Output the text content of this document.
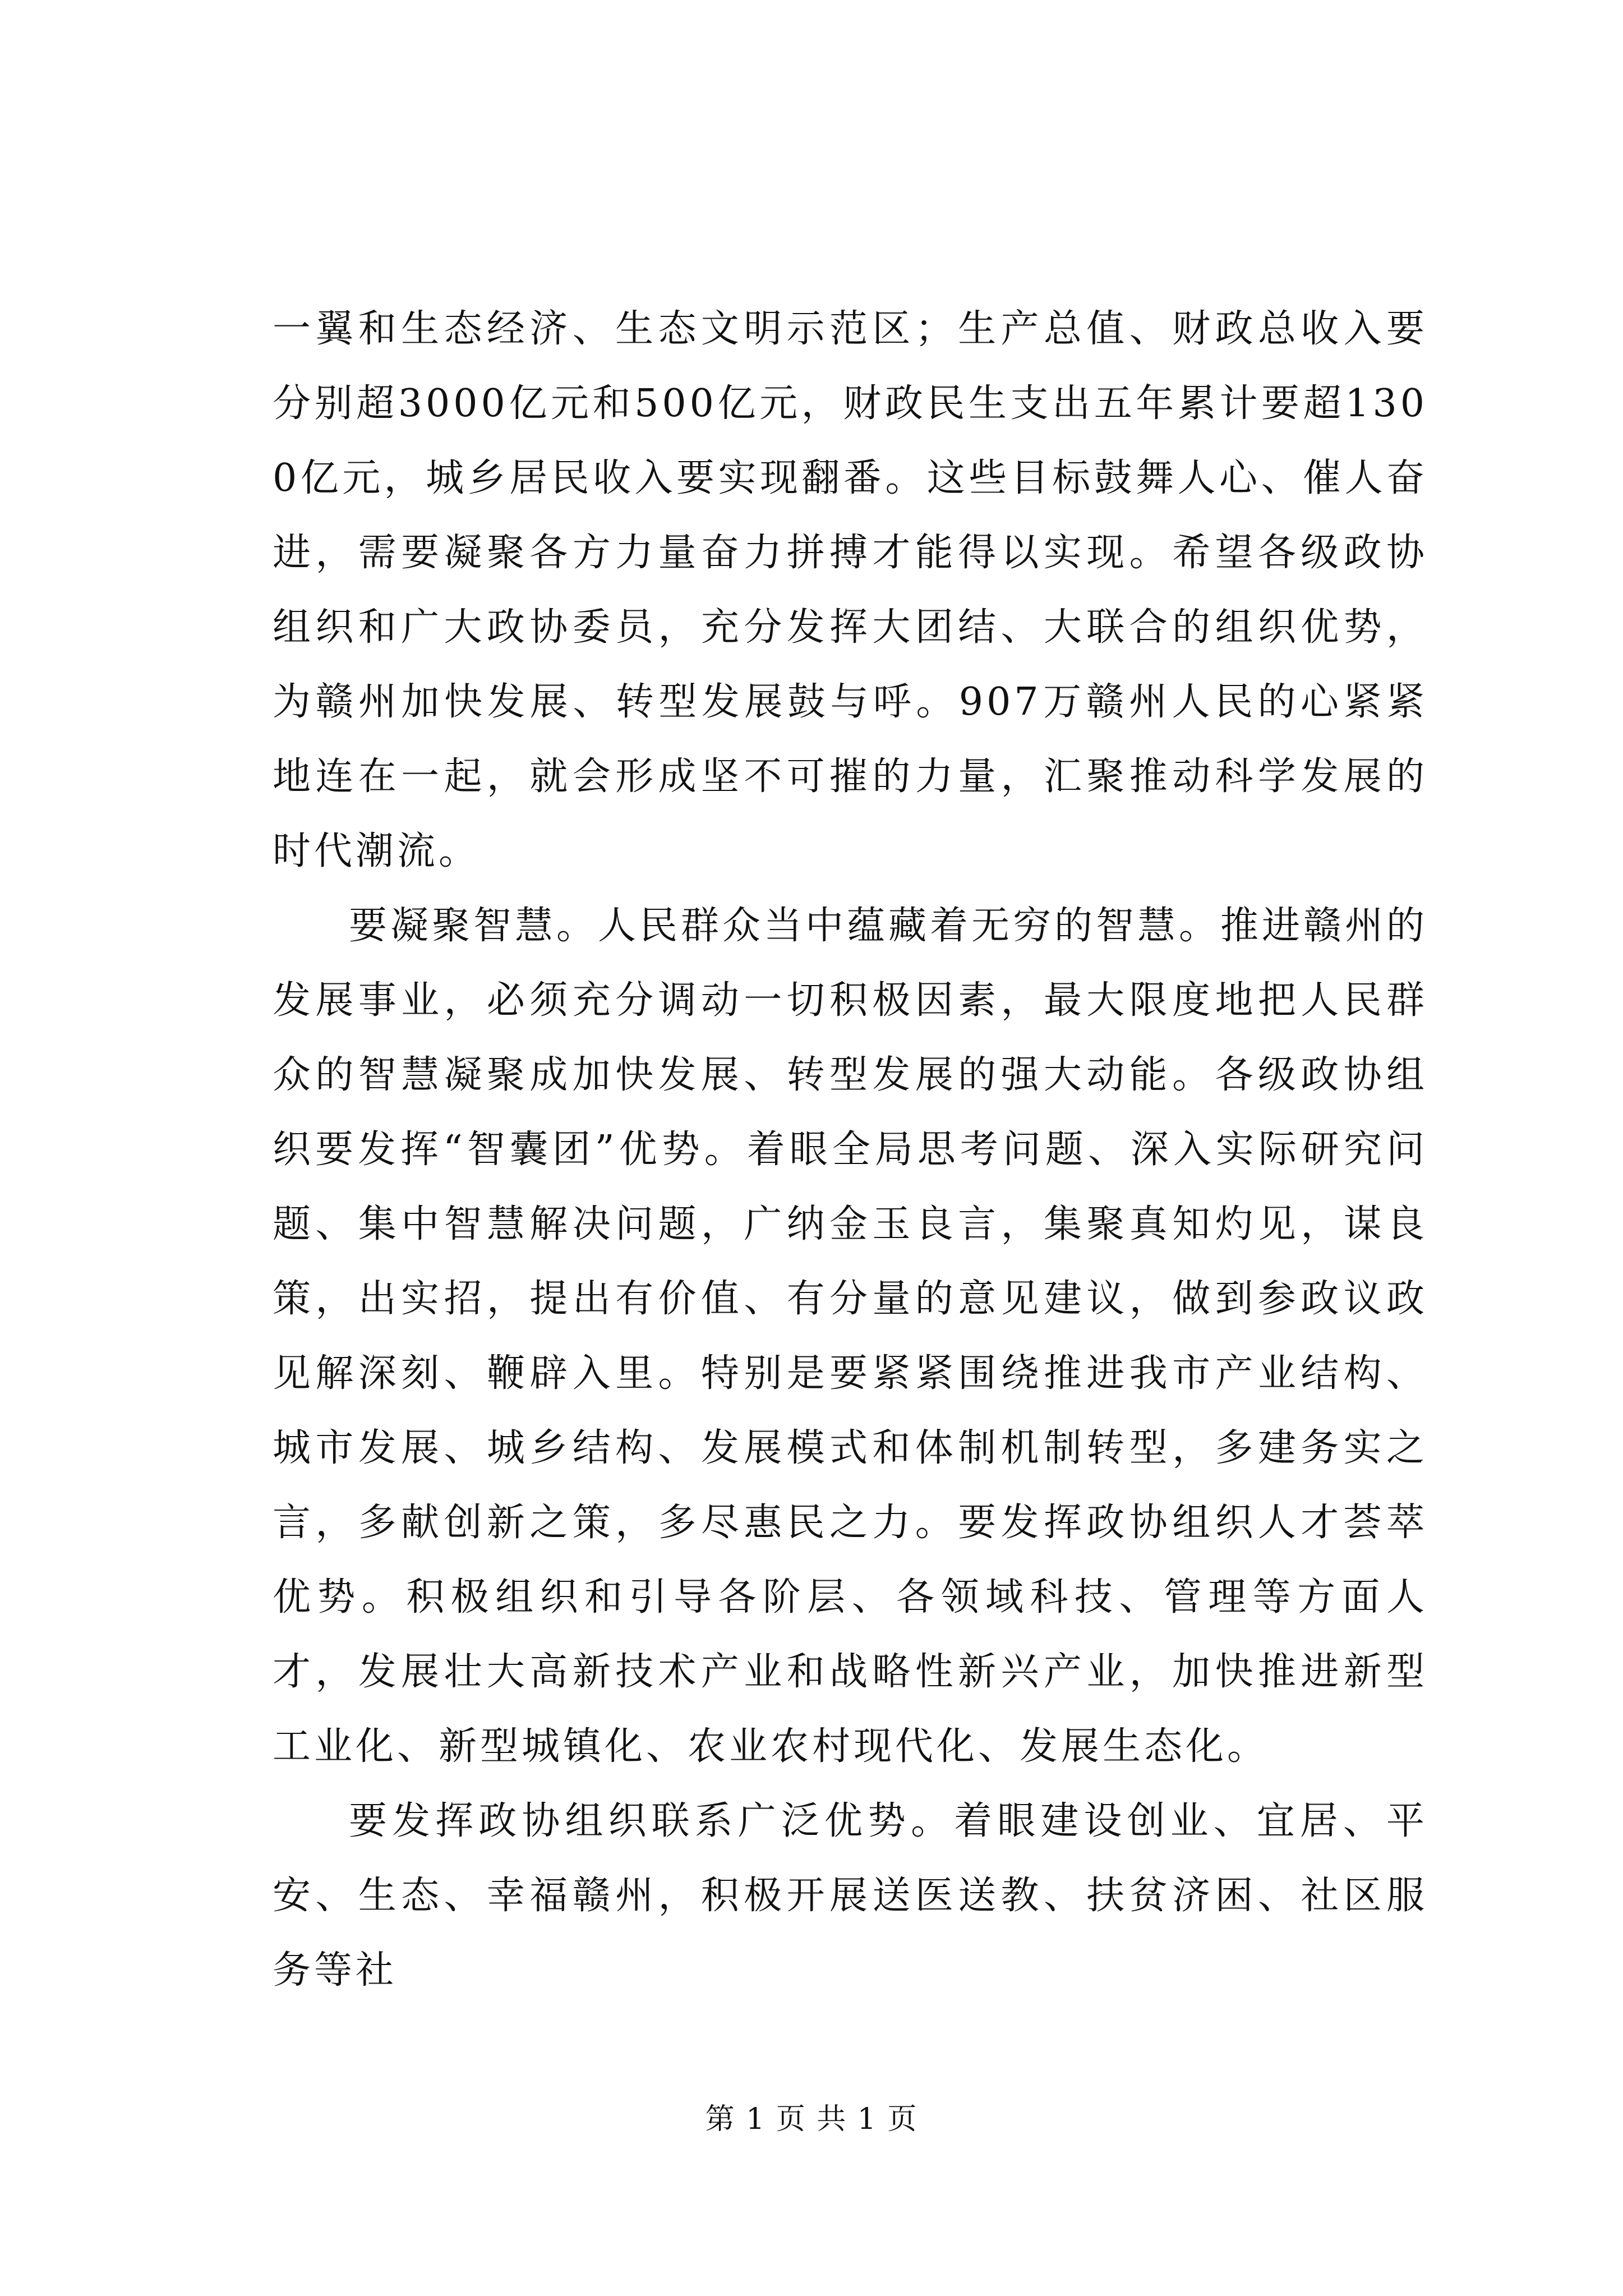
一翼和生态经济、生态文明示范区；生产总值、财政总收入要分别超3000亿元和500亿元，财政民生支出五年累计要超1300亿元，城乡居民收入要实现翻番。这些目标鼓舞人心、催人奋进，需要凝聚各方力量奋力拼搏才能得以实现。希望各级政协组织和广大政协委员，充分发挥大团结、大联合的组织优势，为赣州加快发展、转型发展鼓与呼。907万赣州人民的心紧紧地连在一起，就会形成坚不可摧的力量，汇聚推动科学发展的时代潮流。

要凝聚智慧。人民群众当中蕴藏着无穷的智慧。推进赣州的发展事业，必须充分调动一切积极因素，最大限度地把人民群众的智慧凝聚成加快发展、转型发展的强大动能。各级政协组织要发挥“智囊团”优势。着眼全局思考问题、深入实际研究问题、集中智慧解决问题，广纳金玉良言，集聚真知灼见，谋良策，出实招，提出有价值、有分量的意见建议，做到参政议政见解深刻、鞭辟入里。特别是要紧紧围绕推进我市产业结构、城市发展、城乡结构、发展模式和体制机制转型，多建务实之言，多献创新之策，多尽惠民之力。要发挥政协组织人才荟萃优势。积极组织和引导各阶层、各领域科技、管理等方面人才，发展壮大高新技术产业和战略性新兴产业，加快推进新型工业化、新型城镇化、农业农村现代化、发展生态化。

要发挥政协组织联系广泛优势。着眼建设创业、宜居、平安、生态、幸福赣州，积极开展送医送教、扶贫济困、社区服务等社

第 1 页 共 1 页
